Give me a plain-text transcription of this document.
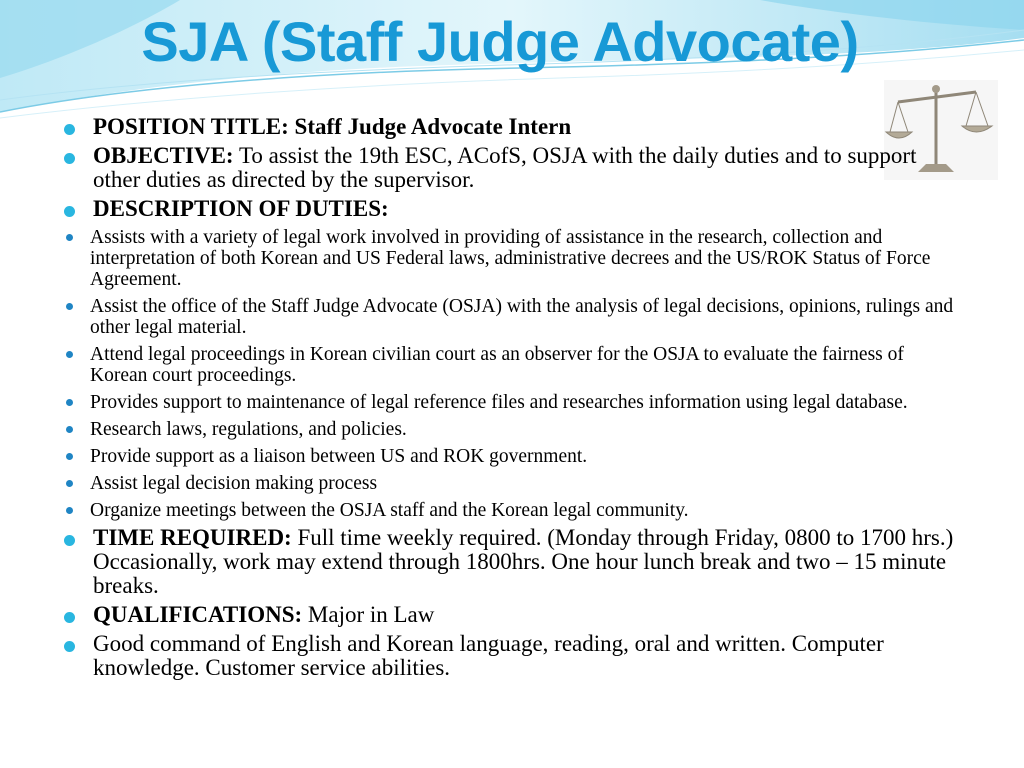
SJA (Staff Judge Advocate)
POSITION TITLE: Staff Judge Advocate Intern
OBJECTIVE: To assist the 19th ESC, ACofS, OSJA with the daily duties and to support other duties as directed by the supervisor.
DESCRIPTION OF DUTIES:
Assists with a variety of legal work involved in providing of assistance in the research, collection and interpretation of both Korean and US Federal laws, administrative decrees and the US/ROK Status of Force Agreement.
Assist the office of the Staff Judge Advocate (OSJA) with the analysis of legal decisions, opinions, rulings and other legal material.
Attend legal proceedings in Korean civilian court as an observer for the OSJA to evaluate the fairness of Korean court proceedings.
Provides support to maintenance of legal reference files and researches information using legal database.
Research laws, regulations, and policies.
Provide support as a liaison between US and ROK government.
Assist legal decision making process
Organize meetings between the OSJA staff and the Korean legal community.
TIME REQUIRED: Full time weekly required. (Monday through Friday, 0800 to 1700 hrs.) Occasionally, work may extend through 1800hrs. One hour lunch break and two – 15 minute breaks.
QUALIFICATIONS: Major in Law
Good command of English and Korean language, reading, oral and written. Computer knowledge. Customer service abilities.
